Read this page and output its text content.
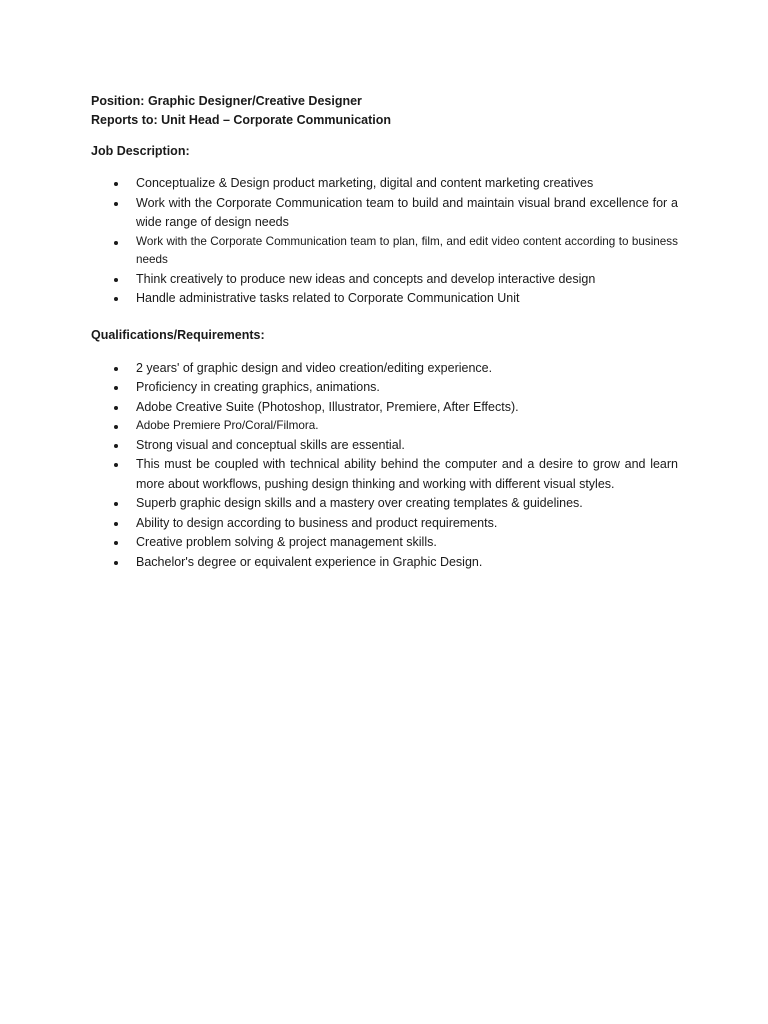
Position: Graphic Designer/Creative Designer

Reports to: Unit Head – Corporate Communication

Job Description:

Conceptualize & Design product marketing, digital and content marketing creatives
Work with the Corporate Communication team to build and maintain visual brand excellence for a wide range of design needs
Work with the Corporate Communication team to plan, film, and edit video content according to business needs
Think creatively to produce new ideas and concepts and develop interactive design
Handle administrative tasks related to Corporate Communication Unit

Qualifications/Requirements:

2 years' of graphic design and video creation/editing experience.
Proficiency in creating graphics, animations.
Adobe Creative Suite (Photoshop, Illustrator, Premiere, After Effects).
Adobe Premiere Pro/Coral/Filmora.
Strong visual and conceptual skills are essential.
This must be coupled with technical ability behind the computer and a desire to grow and learn more about workflows, pushing design thinking and working with different visual styles.
Superb graphic design skills and a mastery over creating templates & guidelines.
Ability to design according to business and product requirements.
Creative problem solving & project management skills.
Bachelor's degree or equivalent experience in Graphic Design.
